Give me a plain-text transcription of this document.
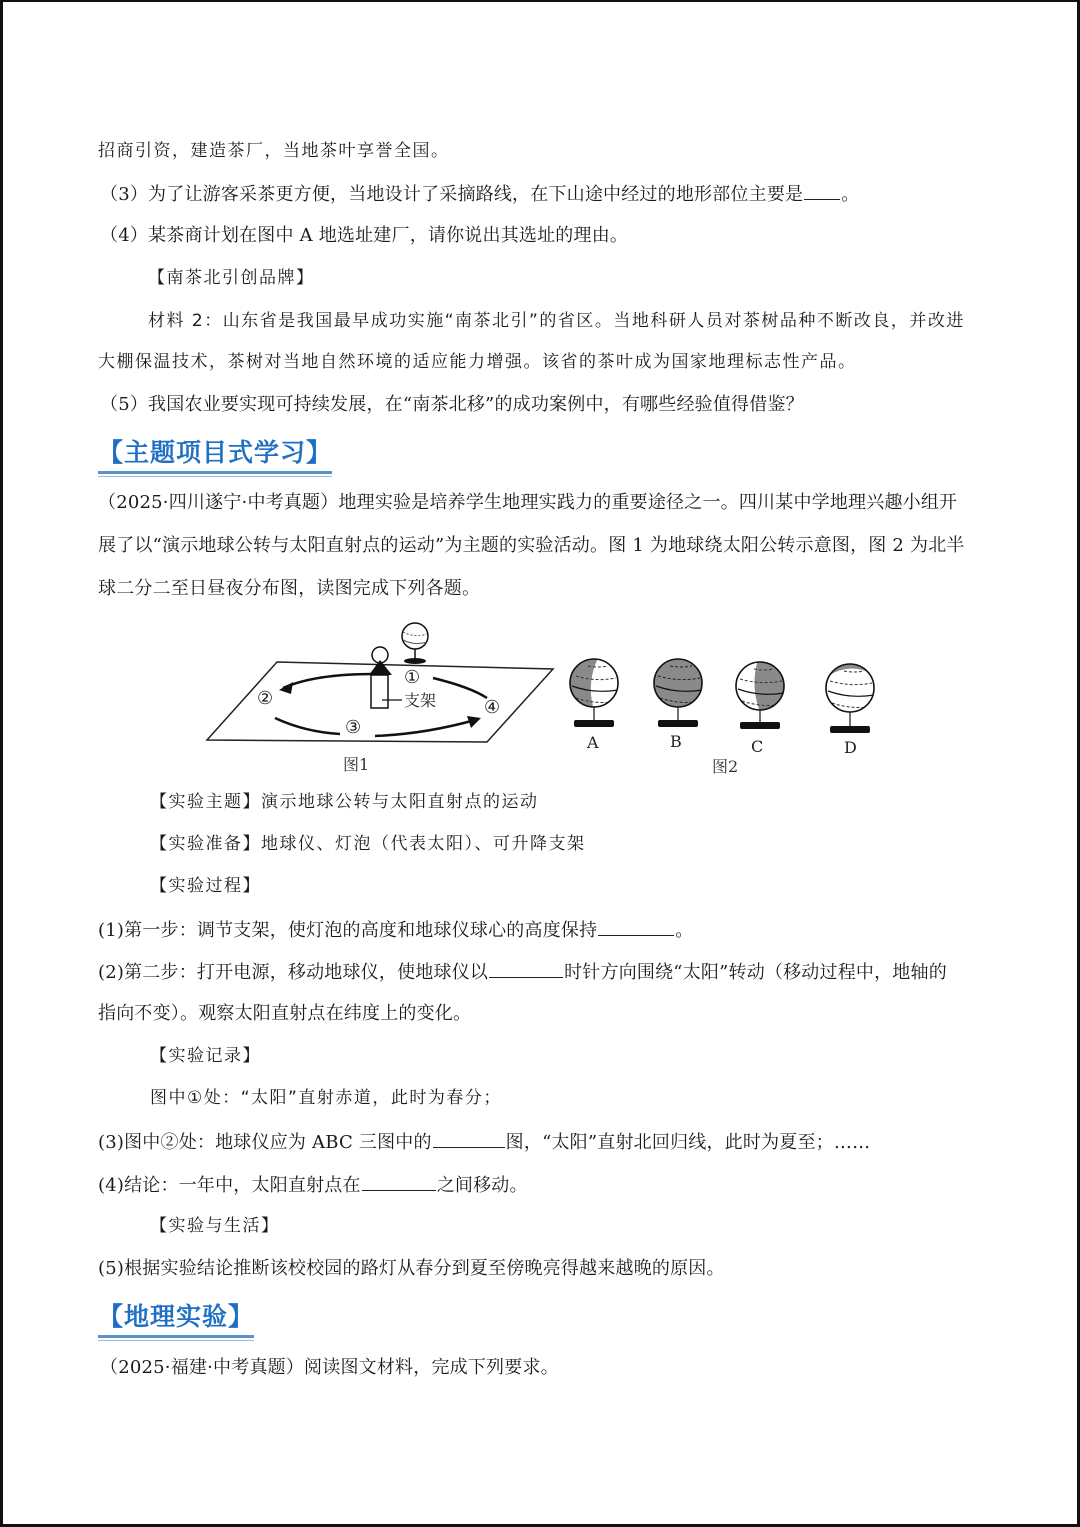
招商引资，建造茶厂，当地茶叶享誉全国。
（3）为了让游客采茶更方便，当地设计了采摘路线，在下山途中经过的地形部位主要是 。
（4）某茶商计划在图中 A 地选址建厂，请你说出其选址的理由。
【南茶北引创品牌】
材料 2：山东省是我国最早成功实施“南茶北引”的省区。当地科研人员对茶树品种不断改良，并改进
大棚保温技术，茶树对当地自然环境的适应能力增强。该省的茶叶成为国家地理标志性产品。
（5）我国农业要实现可持续发展，在“南茶北移”的成功案例中，有哪些经验值得借鉴？
【主题项目式学习】
（2025·四川遂宁·中考真题）地理实验是培养学生地理实践力的重要途径之一。四川某中学地理兴趣小组开
展了以“演示地球公转与太阳直射点的运动”为主题的实验活动。图 1 为地球绕太阳公转示意图，图 2 为北半
球二分二至日昼夜分布图，读图完成下列各题。
①
②
③
④
支架
图1
A	B	C	D
图2
【实验主题】演示地球公转与太阳直射点的运动
【实验准备】地球仪、灯泡（代表太阳）、可升降支架
【实验过程】
(1)第一步：调节支架，使灯泡的高度和地球仪球心的高度保持	。
(2)第二步：打开电源，移动地球仪，使地球仪以	时针方向围绕“太阳”转动（移动过程中，地轴的
指向不变）。观察太阳直射点在纬度上的变化。
【实验记录】
图中①处：“太阳”直射赤道，此时为春分；
(3)图中②处：地球仪应为 ABC 三图中的	图，“太阳”直射北回归线，此时为夏至；……
(4)结论：一年中，太阳直射点在	之间移动。
【实验与生活】
(5)根据实验结论推断该校校园的路灯从春分到夏至傍晚亮得越来越晚的原因。
【地理实验】
（2025·福建·中考真题）阅读图文材料，完成下列要求。
